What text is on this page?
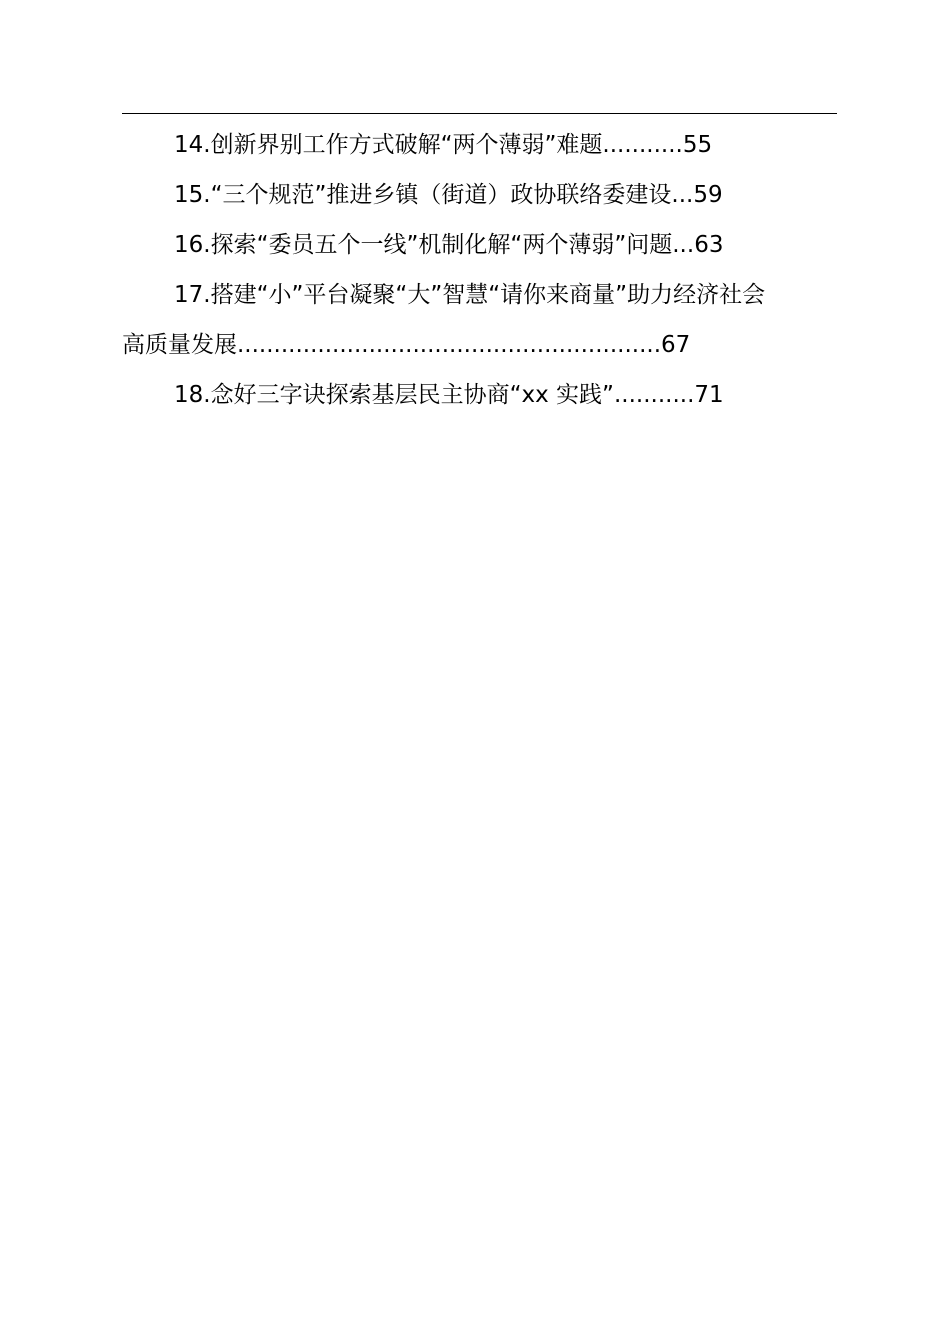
14.创新界别工作方式破解“两个薄弱”难题...........55
15.“三个规范”推进乡镇（街道）政协联络委建设...59
16.探索“委员五个一线”机制化解“两个薄弱”问题...63
17.搭建“小”平台凝聚“大”智慧“请你来商量”助力经济社会
高质量发展..........................................................67
18.念好三字诀探索基层民主协商“xx 实践”...........71
